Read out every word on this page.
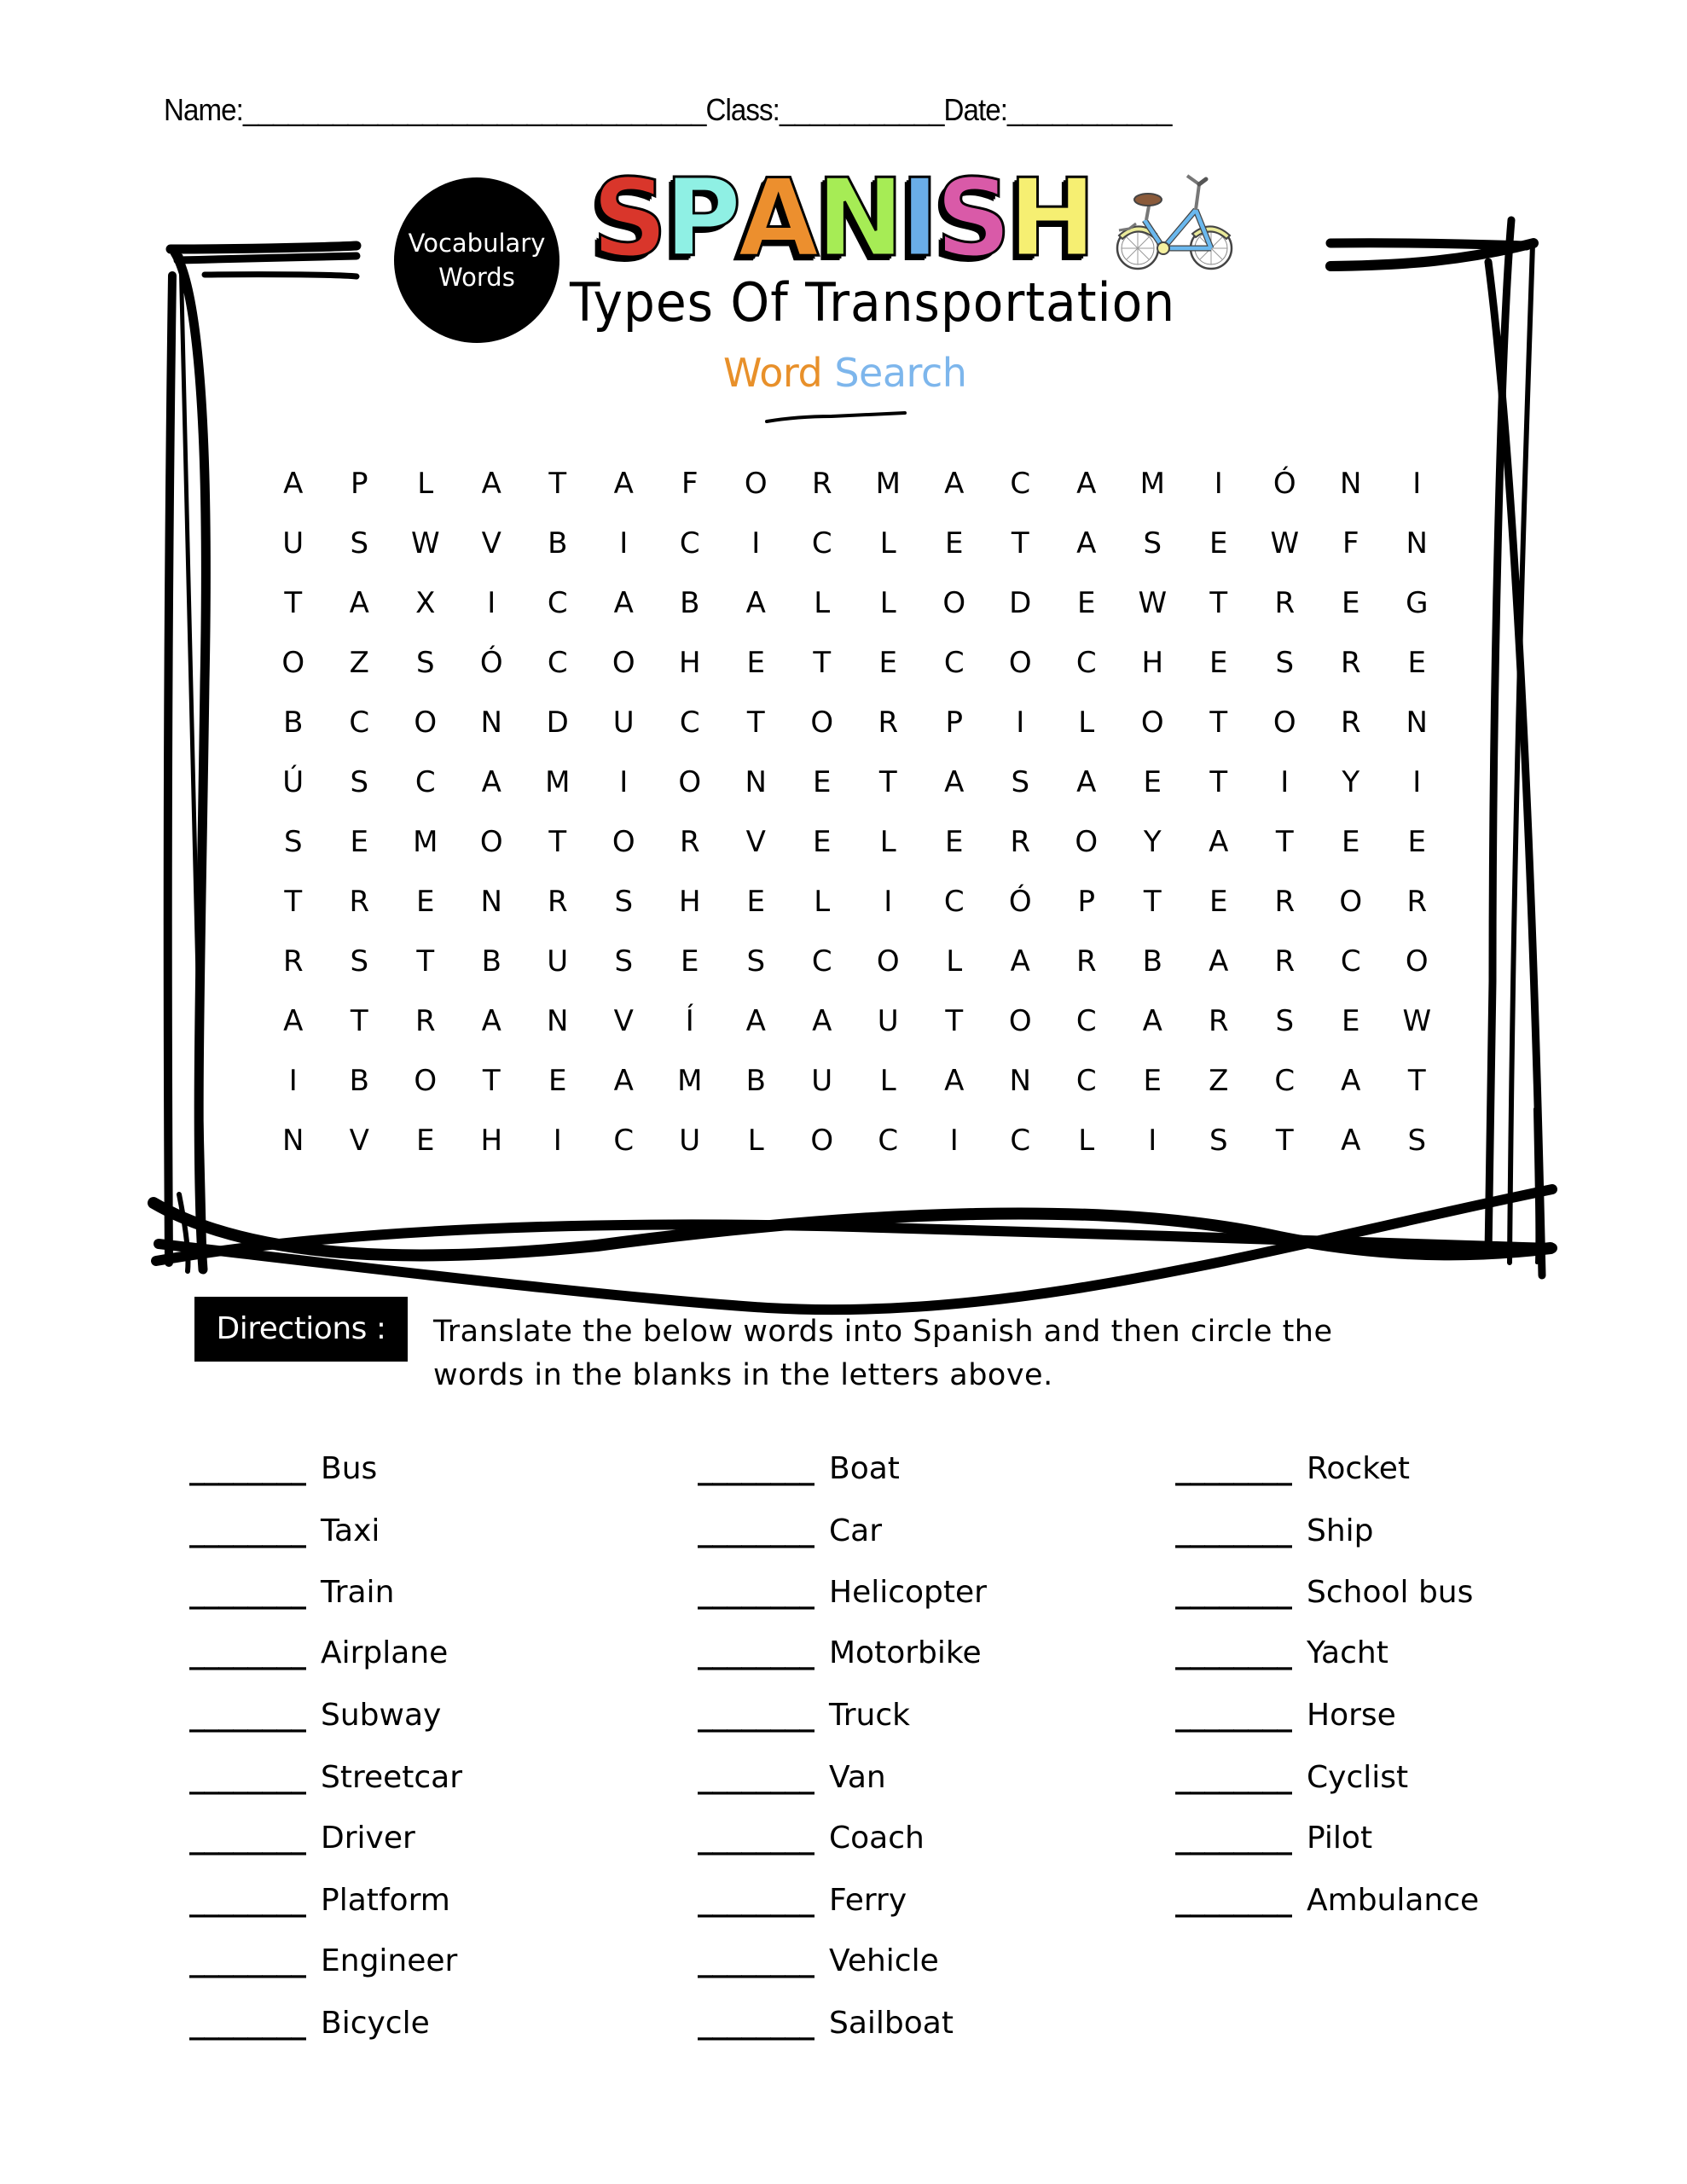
Name:_______________________________Class:___________Date:___________
Vocabulary
Words S P A N I S H
Types Of Transportation
Word Search
A	P	L	A	T	A	F	O	R	M	A	C	A	M	I	Ó	N	I
U	S	W	V	B	I	C	I	C	L	E	T	A	S	E	W	F	N
T	A	X	I	C	A	B	A	L	L	O	D	E	W	T	R	E	G
O	Z	S	Ó	C	O	H	E	T	E	C	O	C	H	E	S	R	E
B	C	O	N	D	U	C	T	O	R	P	I	L	O	T	O	R	N
Ú	S	C	A	M	I	O	N	E	T	A	S	A	E	T	I	Y	I
S	E	M	O	T	O	R	V	E	L	E	R	O	Y	A	T	E	E
T	R	E	N	R	S	H	E	L	I	C	Ó	P	T	E	R	O	R
R	S	T	B	U	S	E	S	C	O	L	A	R	B	A	R	C	O
A	T	R	A	N	V	Í	A	A	U	T	O	C	A	R	S	E	W
I	B	O	T	E	A	M	B	U	L	A	N	C	E	Z	C	A	T
N	V	E	H	I	C	U	L	O	C	I	C	L	I	S	T	A	S
Directions :	Translate the below words into Spanish and then circle the words in the blanks in the letters above.
________ Bus
________ Taxi
________ Train
________ Airplane
________ Subway
________ Streetcar
________ Driver
________ Platform
________ Engineer
________ Bicycle
________ Boat
________ Car
________ Helicopter
________ Motorbike
________ Truck
________ Van
________ Coach
________ Ferry
________ Vehicle
________ Sailboat
________ Rocket
________ Ship
________ School bus
________ Yacht
________ Horse
________ Cyclist
________ Pilot
________ Ambulance
